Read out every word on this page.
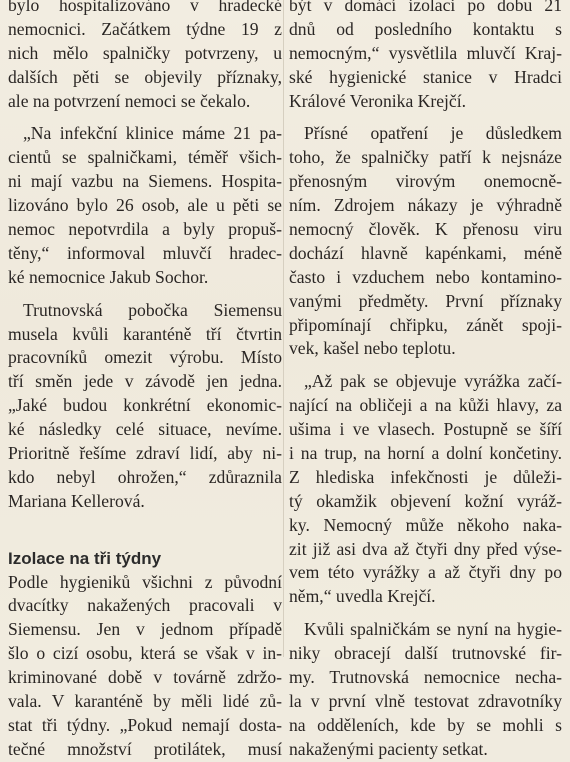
bylo hospitalizováno v hradecké
nemocnici. Začátkem týdne 19 z
nich mělo spalničky potvrzeny, u
dalších pěti se objevily příznaky,
ale na potvrzení nemoci se čekalo.
„Na infekční klinice máme 21 pa-
cientů se spalničkami, téměř všich-
ni mají vazbu na Siemens. Hospita-
lizováno bylo 26 osob, ale u pěti se
nemoc nepotvrdila a byly propuš-
těny,“ informoval mluvčí hradec-
ké nemocnice Jakub Sochor.
Trutnovská pobočka Siemensu
musela kvůli karanténě tří čtvrtin
pracovníků omezit výrobu. Místo
tří směn jede v závodě jen jedna.
„Jaké budou konkrétní ekonomic-
ké následky celé situace, nevíme.
Prioritně řešíme zdraví lidí, aby ni-
kdo nebyl ohrožen,“ zdůraznila
Mariana Kellerová.
Izolace na tři týdny
Podle hygieniků všichni z původní
dvacítky nakažených pracovali v
Siemensu. Jen v jednom případě
šlo o cizí osobu, která se však v in-
kriminované době v továrně zdržo-
vala. V karanténě by měli lidé zů-
stat tři týdny. „Pokud nemají dosta-
tečné množství protilátek, musí
být v domácí izolaci po dobu 21
dnů od posledního kontaktu s
nemocným,“ vysvětlila mluvčí Kraj-
ské hygienické stanice v Hradci
Králové Veronika Krejčí.
Přísné opatření je důsledkem
toho, že spalničky patří k nejsnáze
přenosným virovým onemocně-
ním. Zdrojem nákazy je výhradně
nemocný člověk. K přenosu viru
dochází hlavně kapénkami, méně
často i vzduchem nebo kontamino-
vanými předměty. První příznaky
připomínají chřipku, zánět spoji-
vek, kašel nebo teplotu.
„Až pak se objevuje vyrážka začí-
nající na obličeji a na kůži hlavy, za
ušima i ve vlasech. Postupně se šíří
i na trup, na horní a dolní končetiny.
Z hlediska infekčnosti je důleži-
tý okamžik objevení kožní vyráž-
ky. Nemocný může někoho naka-
zit již asi dva až čtyři dny před výse-
vem této vyrážky a až čtyři dny po
něm,“ uvedla Krejčí.
Kvůli spalničkám se nyní na hygie-
niky obracejí další trutnovské fir-
my. Trutnovská nemocnice necha-
la v první vlně testovat zdravotníky
na odděleních, kde by se mohli s
nakaženými pacienty setkat.
